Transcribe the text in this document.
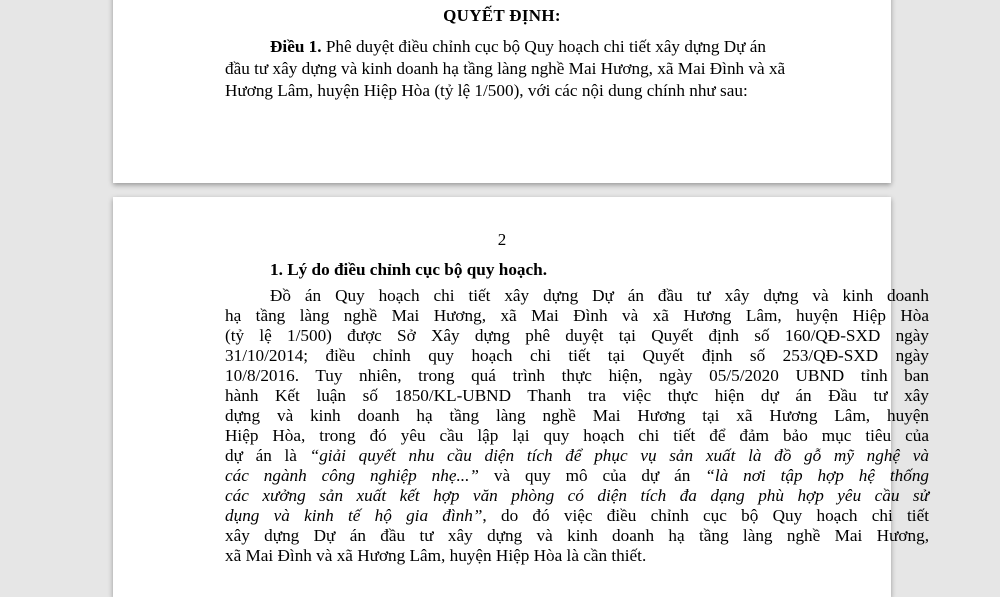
QUYẾT ĐỊNH:
Điều 1. Phê duyệt điều chỉnh cục bộ Quy hoạch chi tiết xây dựng Dự án
đầu tư xây dựng và kinh doanh hạ tầng làng nghề Mai Hương, xã Mai Đình và xã
Hương Lâm, huyện Hiệp Hòa (tỷ lệ 1/500), với các nội dung chính như sau:
2
1. Lý do điều chỉnh cục bộ quy hoạch.
Đồ án Quy hoạch chi tiết xây dựng Dự án đầu tư xây dựng và kinh doanh
hạ tầng làng nghề Mai Hương, xã Mai Đình và xã Hương Lâm, huyện Hiệp Hòa
(tỷ lệ 1/500) được Sở Xây dựng phê duyệt tại Quyết định số 160/QĐ-SXD ngày
31/10/2014; điều chỉnh quy hoạch chi tiết tại Quyết định số 253/QĐ-SXD ngày
10/8/2016. Tuy nhiên, trong quá trình thực hiện, ngày 05/5/2020 UBND tỉnh ban
hành Kết luận số 1850/KL-UBND Thanh tra việc thực hiện dự án Đầu tư xây
dựng và kinh doanh hạ tầng làng nghề Mai Hương tại xã Hương Lâm, huyện
Hiệp Hòa, trong đó yêu cầu lập lại quy hoạch chi tiết để đảm bảo mục tiêu của
dự án là “giải quyết nhu cầu diện tích để phục vụ sản xuất là đồ gỗ mỹ nghệ và
các ngành công nghiệp nhẹ...” và quy mô của dự án “là nơi tập hợp hệ thống
các xưởng sản xuất kết hợp văn phòng có diện tích đa dạng phù hợp yêu cầu sử
dụng và kinh tế hộ gia đình”, do đó việc điều chỉnh cục bộ Quy hoạch chi tiết
xây dựng Dự án đầu tư xây dựng và kinh doanh hạ tầng làng nghề Mai Hương,
xã Mai Đình và xã Hương Lâm, huyện Hiệp Hòa là cần thiết.
